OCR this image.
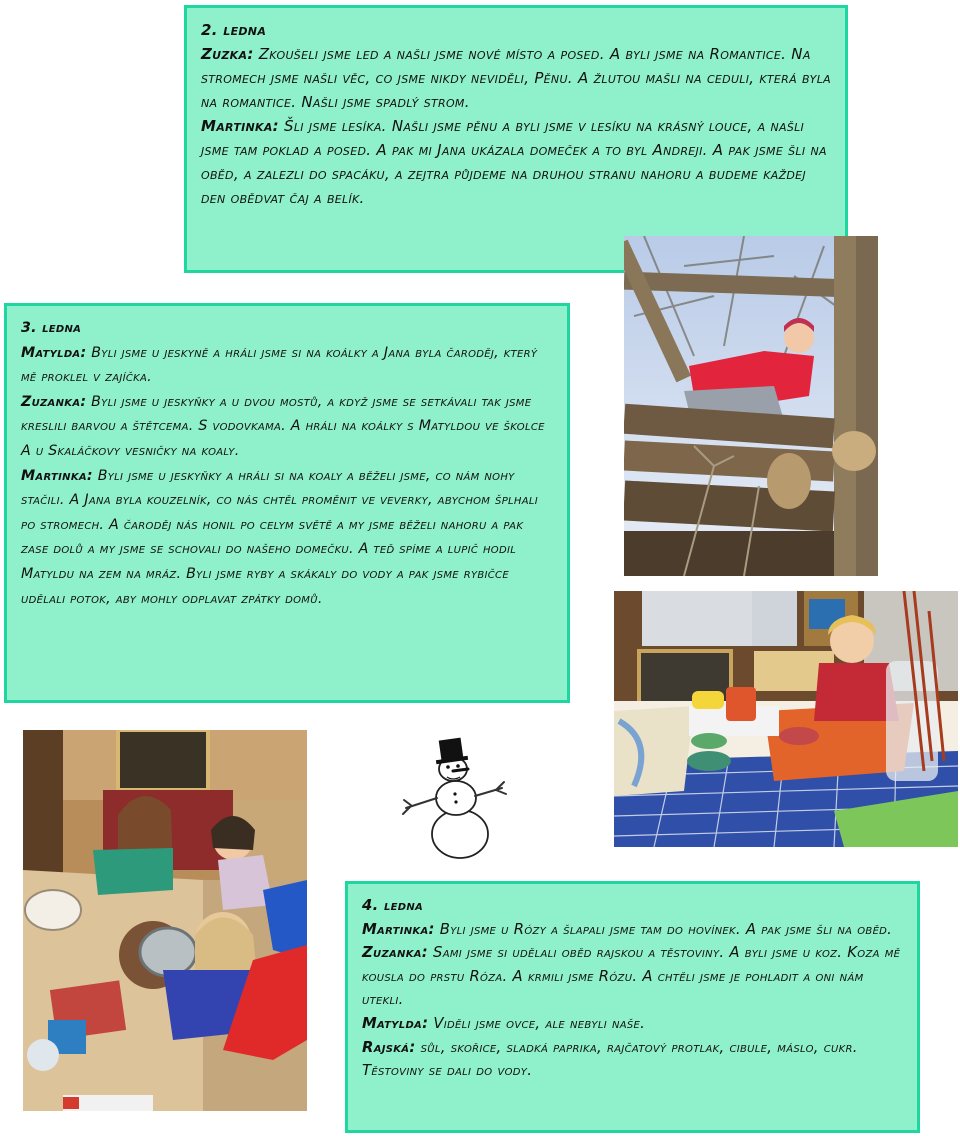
2. ledna

Zuzka: Zkoušeli jsme led a našli jsme nové místo a posed. A byli jsme na Romantice. Na stromech jsme našli věc, co jsme nikdy neviděli, Pěnu. A žlutou mašli na ceduli, která byla na romantice. Našli jsme spadlý strom.

Martinka: Šli jsme lesíka. Našli jsme pěnu a byli jsme v lesíku na krásný louce, a našli jsme tam poklad a posed. A pak mi Jana ukázala domeček a to byl Andreji. A pak jsme šli na oběd, a zalezli do spacáku, a zejtra půjdeme na druhou stranu nahoru a budeme každej den obědvat čaj a belík.

3. ledna

Matylda: Byli jsme u jeskyně a hráli jsme si na koálky a Jana byla čaroděj, který mě proklel v zajíčka.

Zuzanka: Byli jsme u jeskyňky a u dvou mostů, a když jsme se setkávali tak jsme kreslili barvou a štětcema. S vodovkama. A hráli na koálky s Matyldou ve školce A u Skaláčkovy vesničky na koaly.

Martinka: Byli jsme u jeskyňky a hráli si na koaly a běželi jsme, co nám nohy stačili. A Jana byla kouzelník, co nás chtěl proměnit ve veverky, abychom šplhali po stromech. A čaroděj nás honil po celym světě a my jsme běželi nahoru a pak zase dolů a my jsme se schovali do našeho domečku. A teď spíme a lupič hodil Matyldu na zem na mráz. Byli jsme ryby a skákaly do vody a pak jsme rybičce udělali potok, aby mohly odplavat zpátky domů.

4. ledna

Martinka: Byli jsme u Rózy a šlapali jsme tam do hovínek. A pak jsme šli na oběd.

Zuzanka: Sami jsme si udělali oběd rajskou a těstoviny. A byli jsme u koz. Koza mě kousla do prstu Róza. A krmili jsme Rózu. A chtěli jsme je pohladit a oni nám utekli.

Matylda: Viděli jsme ovce, ale nebyli naše.

Rajská: sůl, skořice, sladká paprika, rajčatový protlak, cibule, máslo, cukr. Těstoviny se dali do vody.
